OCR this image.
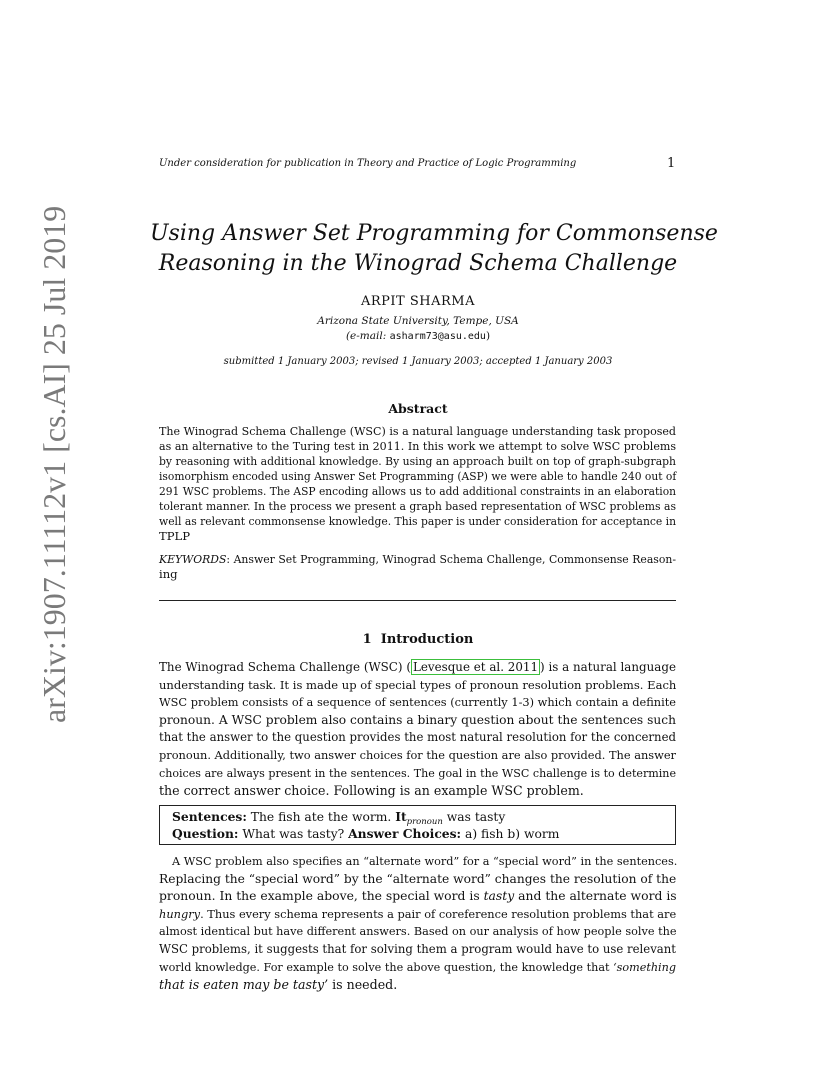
arXiv:1907.11112v1 [cs.AI] 25 Jul 2019
Under consideration for publication in Theory and Practice of Logic Programming	1
Using Answer Set Programming for Commonsense
Reasoning in the Winograd Schema Challenge
ARPIT SHARMA
Arizona State University, Tempe, USA
(e-mail: asharm73@asu.edu)
submitted 1 January 2003; revised 1 January 2003; accepted 1 January 2003
Abstract
The Winograd Schema Challenge (WSC) is a natural language understanding task proposed
as an alternative to the Turing test in 2011. In this work we attempt to solve WSC problems
by reasoning with additional knowledge. By using an approach built on top of graph-subgraph
isomorphism encoded using Answer Set Programming (ASP) we were able to handle 240 out of
291 WSC problems. The ASP encoding allows us to add additional constraints in an elaboration
tolerant manner. In the process we present a graph based representation of WSC problems as
well as relevant commonsense knowledge. This paper is under consideration for acceptance in
TPLP
KEYWORDS: Answer Set Programming, Winograd Schema Challenge, Commonsense Reason-
ing
1 Introduction
The Winograd Schema Challenge (WSC) ( Levesque et al. 2011 ) is a natural language
understanding task. It is made up of special types of pronoun resolution problems. Each
WSC problem consists of a sequence of sentences (currently 1-3) which contain a definite
pronoun. A WSC problem also contains a binary question about the sentences such
that the answer to the question provides the most natural resolution for the concerned
pronoun. Additionally, two answer choices for the question are also provided. The answer
choices are always present in the sentences. The goal in the WSC challenge is to determine
the correct answer choice. Following is an example WSC problem.
Sentences: The fish ate the worm. $It_{pronoun}$ was tasty
Question: What was tasty? Answer Choices: a) fish b) worm
A WSC problem also specifies an “alternate word” for a “special word” in the sentences.
Replacing the “special word” by the “alternate word” changes the resolution of the
pronoun. In the example above, the special word is tasty and the alternate word is
hungry. Thus every schema represents a pair of coreference resolution problems that are
almost identical but have different answers. Based on our analysis of how people solve the
WSC problems, it suggests that for solving them a program would have to use relevant
world knowledge. For example to solve the above question, the knowledge that ‘something
that is eaten may be tasty’ is needed.
